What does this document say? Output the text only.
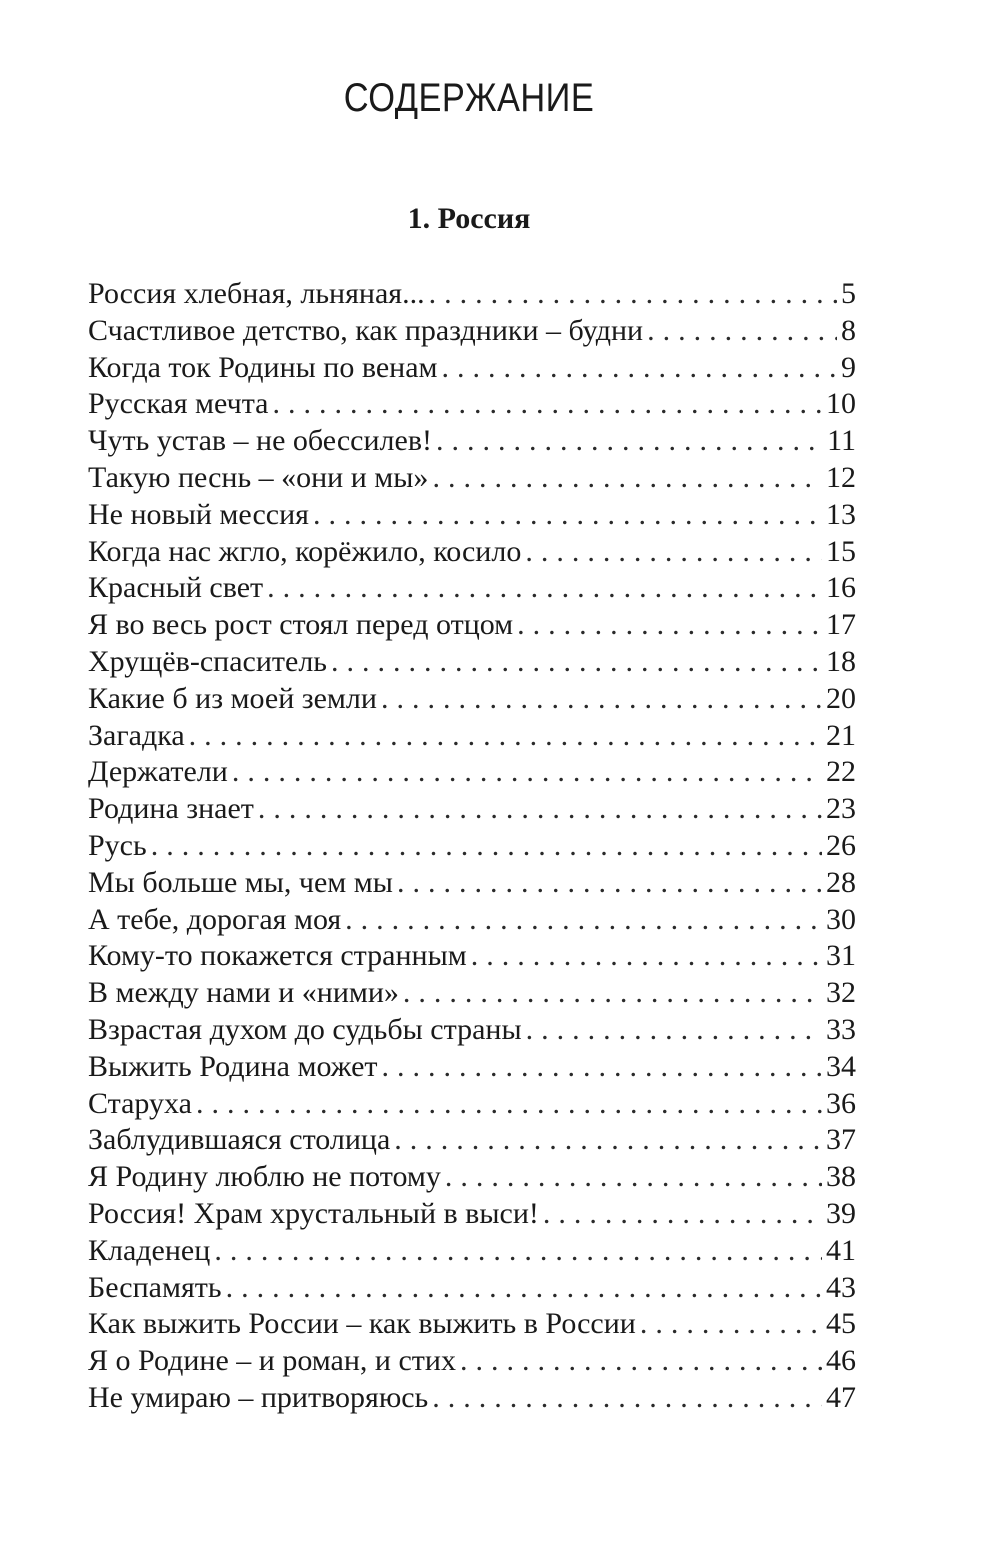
СОДЕРЖАНИЕ
1. Россия
Россия хлебная, льняная... . . .	5
Счастливое детство, как праздники – будни . . .	8
Когда ток Родины по венам . . .	9
Русская мечта . . .	10
Чуть устав – не обессилев! . . .	11
Такую песнь – «они и мы» . . .	12
Не новый мессия . . .	13
Когда нас жгло, корёжило, косило . . .	15
Красный свет . . .	16
Я во весь рост стоял перед отцом . . .	17
Хрущёв-спаситель . . .	18
Какие б из моей земли . . .	20
Загадка . . .	21
Держатели . . .	22
Родина знает . . .	23
Русь . . .	26
Мы больше мы, чем мы . . .	28
А тебе, дорогая моя . . .	30
Кому-то покажется странным . . .	31
В между нами и «ними» . . .	32
Взрастая духом до судьбы страны . . .	33
Выжить Родина может . . .	34
Старуха . . .	36
Заблудившаяся столица . . .	37
Я Родину люблю не потому . . .	38
Россия! Храм хрустальный в выси! . . .	39
Кладенец . . .	41
Беспамять . . .	43
Как выжить России – как выжить в России . . .	45
Я о Родине – и роман, и стих . . .	46
Не умираю – притворяюсь . . .	47
